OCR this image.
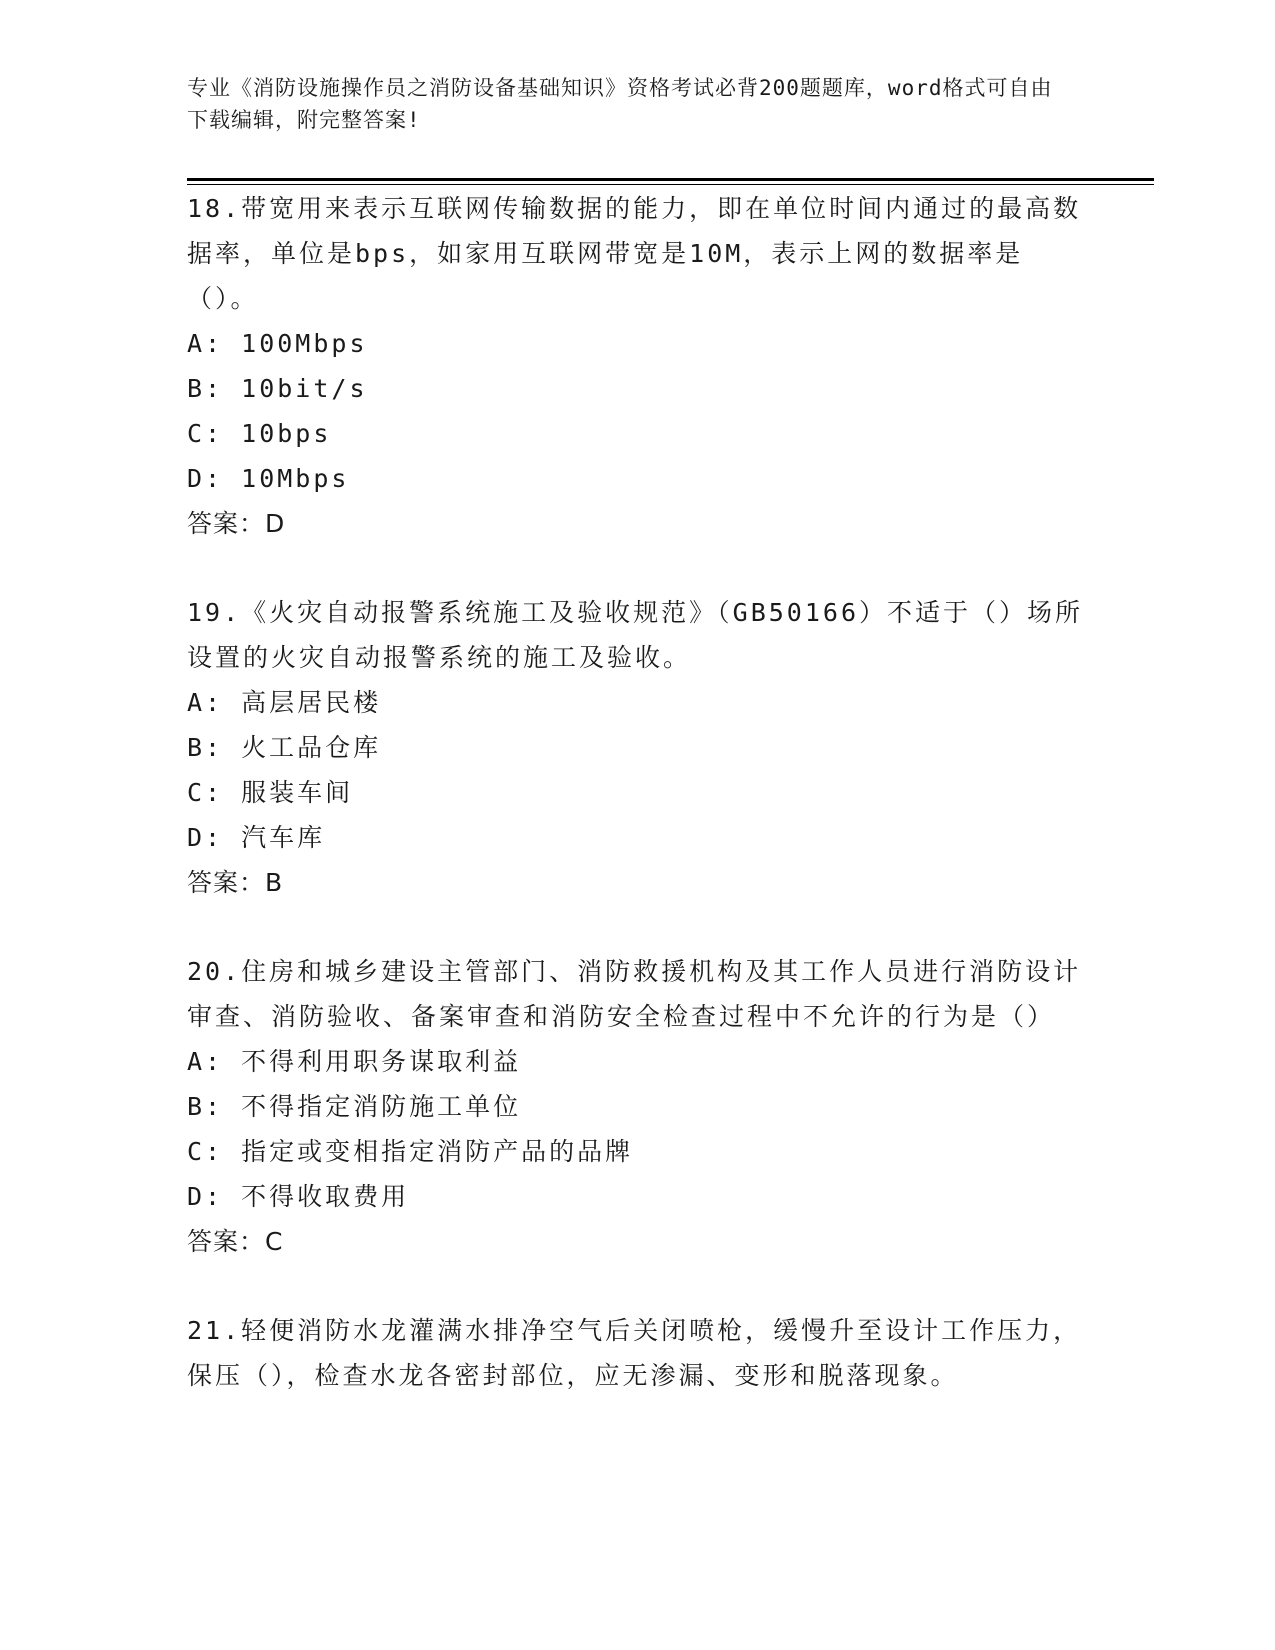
专业《消防设施操作员之消防设备基础知识》资格考试必背200题题库，word格式可自由下载编辑，附完整答案!

18.带宽用来表示互联网传输数据的能力，即在单位时间内通过的最高数据率，单位是bps，如家用互联网带宽是10M，表示上网的数据率是（）。

A: 100Mbps

B: 10bit/s

C: 10bps

D: 10Mbps

答案：D

19.《火灾自动报警系统施工及验收规范》（GB50166）不适于（）场所设置的火灾自动报警系统的施工及验收。

A: 高层居民楼

B: 火工品仓库

C: 服装车间

D: 汽车库

答案：B

20.住房和城乡建设主管部门、消防救援机构及其工作人员进行消防设计审查、消防验收、备案审查和消防安全检查过程中不允许的行为是（）

A: 不得利用职务谋取利益

B: 不得指定消防施工单位

C: 指定或变相指定消防产品的品牌

D: 不得收取费用

答案：C

21.轻便消防水龙灌满水排净空气后关闭喷枪，缓慢升至设计工作压力，保压（），检查水龙各密封部位，应无渗漏、变形和脱落现象。
